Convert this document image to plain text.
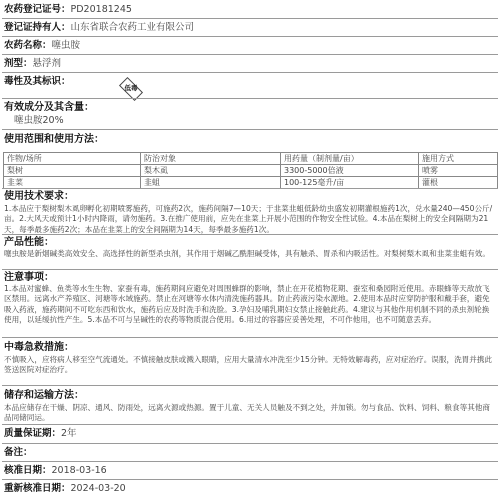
农药登记证号：PD20181245
登记证持有人：山东省联合农药工业有限公司
农药名称：噻虫胺
剂型：悬浮剂
毒性及其标识：
低毒
有效成分及其含量：
噻虫胺20%
使用范围和使用方法：
作物/场所	防治对象	用药量（制剂量/亩）	施用方式
梨树	梨木虱	3300-5000倍液	喷雾
韭菜	韭蛆	100-125毫升/亩	灌根
使用技术要求：
1.本品应于梨树梨木虱卵孵化初期喷雾施药，可施药2次，施药间隔7—10天；于韭菜韭蛆低龄幼虫盛发初期灌根施药1次，兑水量240—450公斤/亩。2.大风天或预计1小时内降雨，请勿施药。3.在推广使用前，应先在韭菜上开展小范围的作物安全性试验。4.本品在梨树上的安全间隔期为21天，每季最多施药2次；本品在韭菜上的安全间隔期为14天，每季最多施药1次。
产品性能：
噻虫胺是新烟碱类高效安全、高选择性的新型杀虫剂，其作用于烟碱乙酰胆碱受体，具有触杀、胃杀和内吸活性。对梨树梨木虱和韭菜韭蛆有效。
注意事项：
1.本品对蜜蜂、鱼类等水生生物、家蚕有毒，施药期间应避免对周围蜂群的影响，禁止在开花植物花期、蚕室和桑园附近使用。赤眼蜂等天敌放飞区禁用。远离水产养殖区、河塘等水域施药。禁止在河塘等水体内清洗施药器具。防止药液污染水源地。2.使用本品时应穿防护服和戴手套，避免吸入药液，施药期间不可吃东西和饮水，施药后应及时洗手和洗脸。3.孕妇及哺乳期妇女禁止接触此药。4.建议与其他作用机制不同的杀虫剂轮换使用，以延缓抗性产生。5.本品不可与呈碱性的农药等物质混合使用。6.用过的容器应妥善处理，不可作他用，也不可随意丢弃。
中毒急救措施：
不慎吸入，应将病人移至空气流通处。不慎接触皮肤或溅入眼睛，应用大量清水冲洗至少15分钟。无特效解毒药，应对症治疗。误服，洗胃并携此签送医院对症治疗。
储存和运输方法：
本品应储存在干燥、阴凉、通风、防雨处，远离火源或热源。置于儿童、无关人员触及不到之处，并加锁。勿与食品、饮料、饲料、粮食等其他商品同储同运。
质量保证期：2年
备注：
核准日期：2018-03-16
重新核准日期：2024-03-20
